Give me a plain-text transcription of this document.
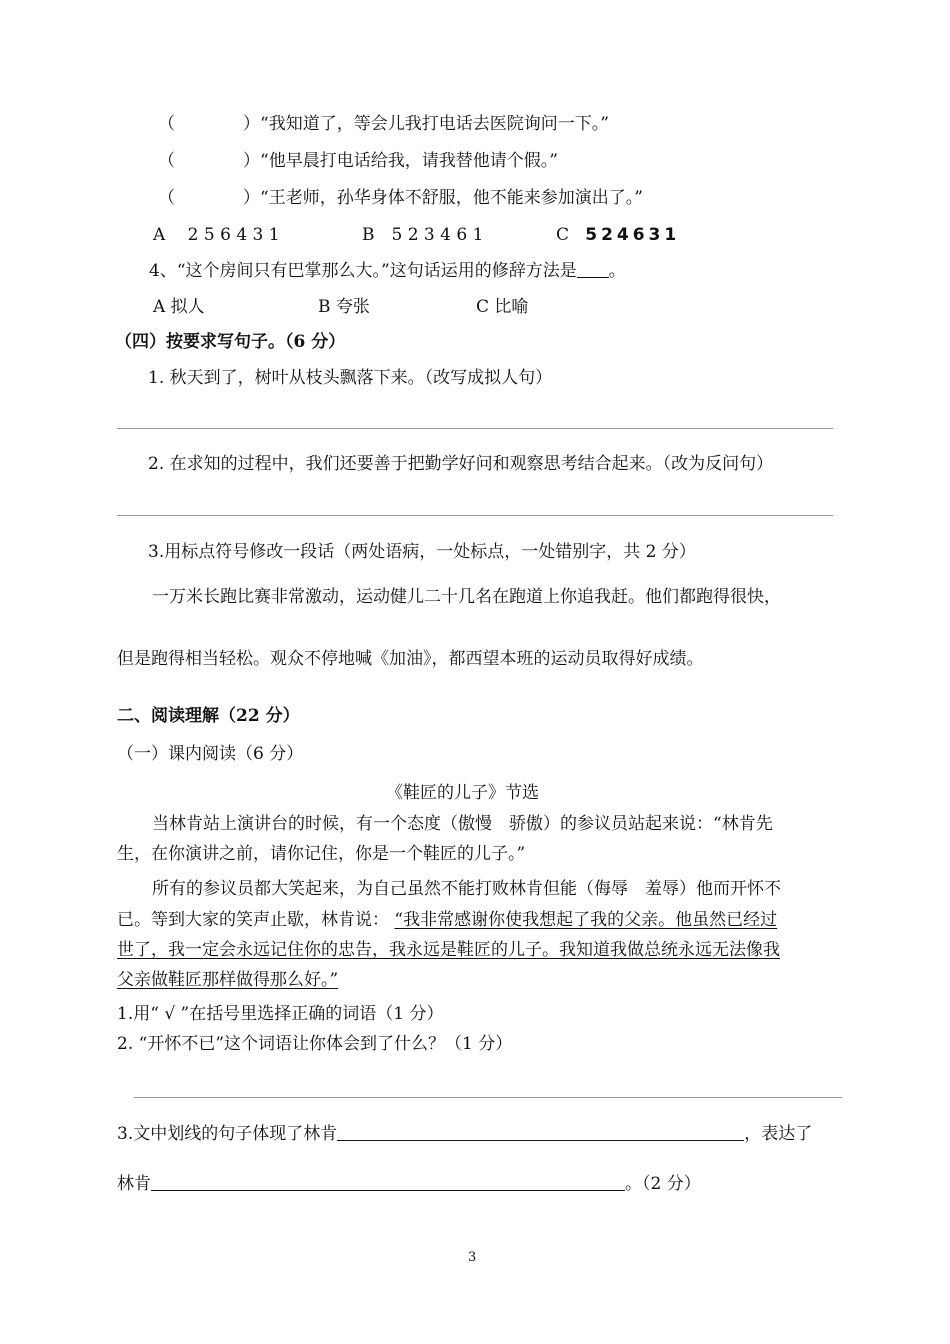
（　　　　）“我知道了，等会儿我打电话去医院询问一下。”
（　　　　）“他早晨打电话给我，请我替他请个假。”
（　　　　）“王老师，孙华身体不舒服，他不能来参加演出了。”
A　 2 5 6 4 3 1	B　5 2 3 4 6 1	C 524631
4、“这个房间只有巴掌那么大。”这句话运用的修辞方法是 。
A 拟人	B 夸张	C 比喻
（四）按要求写句子。（6 分）
1. 秋天到了，树叶从枝头飘落下来。（改写成拟人句）
2. 在求知的过程中，我们还要善于把勤学好问和观察思考结合起来。（改为反问句）
3.用标点符号修改一段话（两处语病，一处标点，一处错别字，共 2 分）
一万米长跑比赛非常激动，运动健儿二十几名在跑道上你追我赶。他们都跑得很快，
但是跑得相当轻松。观众不停地喊《加油》，都西望本班的运动员取得好成绩。
二、阅读理解（22 分）
（一）课内阅读（6 分）
《鞋匠的儿子》节选
当林肯站上演讲台的时候，有一个态度（傲慢　骄傲）的参议员站起来说：“林肯先
生，在你演讲之前，请你记住，你是一个鞋匠的儿子。”
所有的参议员都大笑起来，为自己虽然不能打败林肯但能（侮辱　羞辱）他而开怀不
已。等到大家的笑声止歇，林肯说： “我非常感谢你使我想起了我的父亲。他虽然已经过
世了，我一定会永远记住你的忠告，我永远是鞋匠的儿子。我知道我做总统永远无法像我
父亲做鞋匠那样做得那么好。”
1.用“ √ ”在括号里选择正确的词语（1 分）
2. “开怀不已”这个词语让你体会到了什么？（1 分）
3.文中划线的句子体现了林肯	，表达了
林肯	。（2 分）
3
